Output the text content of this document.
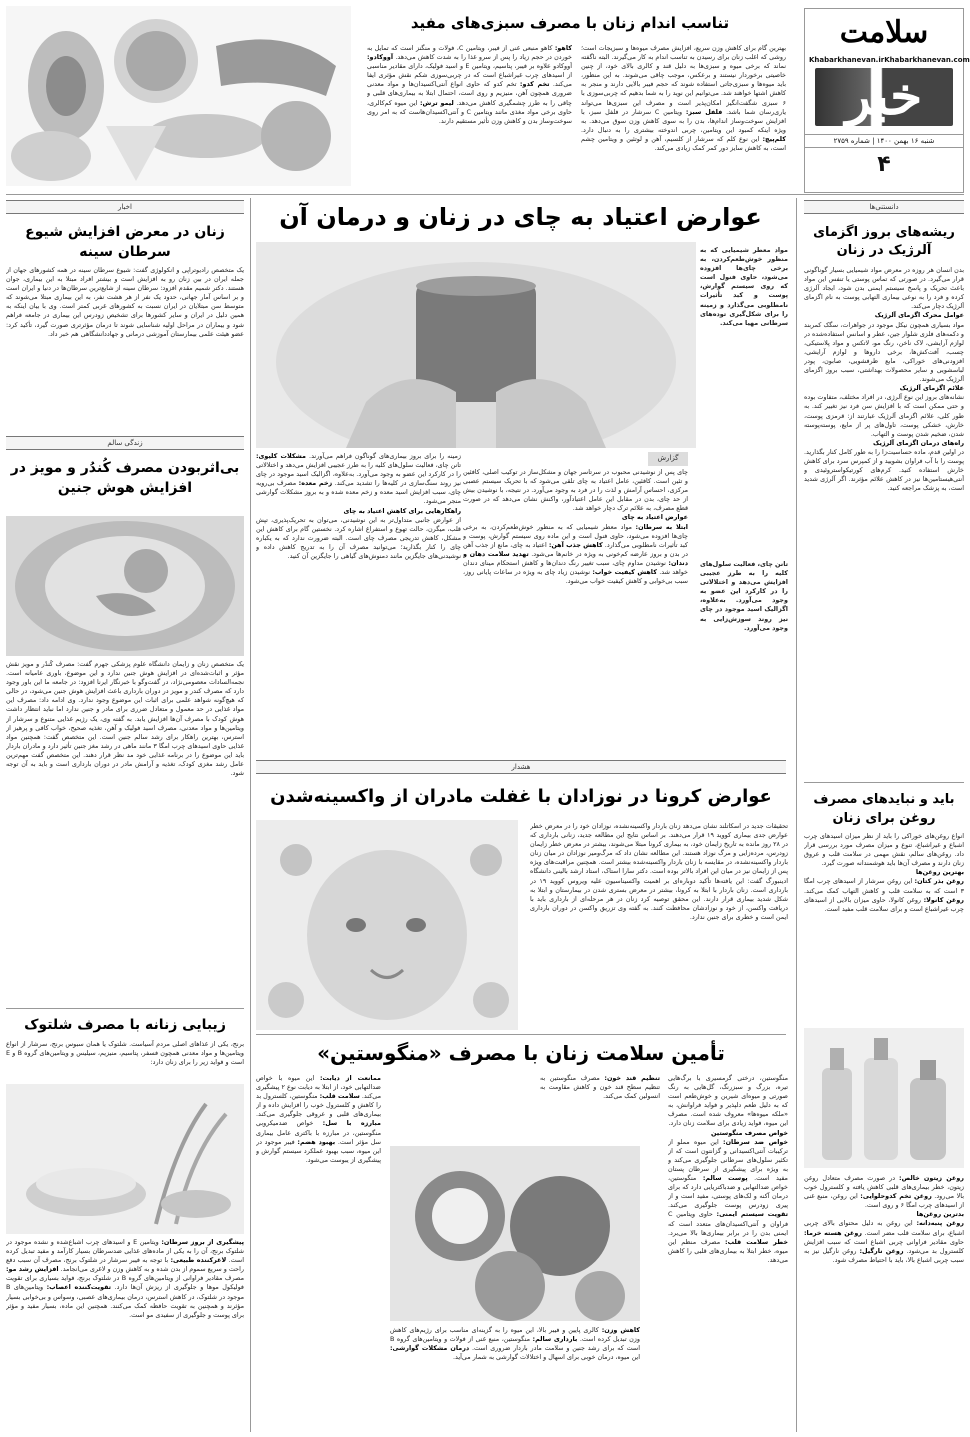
سلامت
Khabarkhanevan.ir Khabarkhanevan.com
خبر
شنبه ۱۶ بهمن ۱۴۰۰ | شماره ۲۷۵۹
۴
تناسب اندام زنان با مصرف سبزی‌های مفید
بهترین گام برای کاهش وزن سریع، افزایش مصرف میوه‌ها و سبزیجات است؛ روشی که اغلب زنان برای رسیدن به تناسب اندام به کار می‌گیرند. البته ناگفته نماند که برخی میوه و سبزی‌ها به دلیل قند و کالری بالای خود، از چنین خاصیتی برخوردار نیستند و برعکس، موجب چاقی می‌شوند. به این منظور، باید میوه‌ها و سبزی‌جاتی استفاده شوند که حجم فیبر بالایی دارند و منجر به کاهش اشتها خواهند شد. می‌توانیم این نوید را به شما بدهیم که چربی‌سوزی با ۶ سبزی شگفت‌انگیز امکان‌پذیر است و مصرف این سبزی‌ها می‌تواند یاری‌رسان شما باشد. فلفل سبز: ویتامین C سرشار در فلفل سبز، با افزایش سوخت‌وساز اندام‌ها، بدن را به سوی کاهش وزن سوق می‌دهد. به ویژه اینکه کمبود این ویتامین، چربی اندوخته بیشتری را به دنبال دارد. کلم‌پیچ: این نوع کلم که سرشار از کلسیم، آهن و لوتئین و ویتامین چشم است، به کاهش سایز دور کمر کمک زیادی می‌کند.
کاهو: کاهو منبعی غنی از فیبر، ویتامین C، فولات و منگنز است که تمایل به خوردن در حجم زیاد را پس از سرو غذا را به شدت کاهش می‌دهد. آووکادو: آووکادو علاوه بر فیبر، پتاسیم، ویتامین E و اسید فولیک، دارای مقادیر مناسبی از اسیدهای چرب غیراشباع است که در چربی‌سوزی شکم نقش مؤثری ایفا می‌کند. تخم کدو: تخم کدو که حاوی انواع آنتی‌اکسیدان‌ها و مواد معدنی ضروری همچون آهن، منیزیم و روی است، احتمال ابتلا به بیماری‌های قلبی و چاقی را به طرز چشمگیری کاهش می‌دهد. لیمو ترش: این میوه کم‌کالری، حاوی برخی مواد مغذی مانند ویتامین C و آنتی‌اکسیدان‌هاست که به امر روی سوخت‌وساز بدن و کاهش وزن تأثیر مستقیم دارند.
دانستنی‌ها
ریشه‌های بروز اگزمای آلرژیک در زنان
بدن انسان هر روزه در معرض مواد شیمیایی بسیار گوناگونی قرار می‌گیرد. در صورتی که تماس پوستی یا تنفس این مواد باعث تحریک و پاسخ سیستم ایمنی بدن شود، ایجاد آلرژی کرده و فرد را به نوعی بیماری التهابی پوست به نام اگزمای آلرژیک دچار می‌کند.
عوامل محرک اگزمای آلرژیک
مواد بسیاری همچون نیکل موجود در جواهرات، سگک کمربند و دکمه‌های فلزی شلوار جین، عطر و اسانس استفاده‌شده در لوازم آرایشی، لاک ناخن، رنگ مو، لاتکس و مواد پلاستیکی، چسب، آفت‌کش‌ها، برخی داروها و لوازم آرایشی، افزودنی‌های خوراکی، مایع ظرفشویی، صابون، پودر لباسشویی و سایر محصولات بهداشتی، سبب بروز اگزمای آلرژیک می‌شوند.
علائم اگزمای آلرژیک
نشانه‌های بروز این نوع آلرژی، در افراد مختلف، متفاوت بوده و حتی ممکن است که با افزایش سن فرد نیز تغییر کند. به طور کلی، علائم اگزمای آلرژیک عبارتند از: قرمزی پوست، خارش، خشکی پوست، تاول‌های پر از مایع، پوسته‌پوسته شدن، ضخیم شدن پوست و التهاب.
راه‌های درمان اگزمای آلرژیک
در اولین قدم، ماده حساسیت‌زا را به طور کامل کنار بگذارید. پوست را با آب فراوان بشویید و از کمپرس سرد برای کاهش خارش استفاده کنید. کرم‌های کورتیکواستروئیدی و آنتی‌هیستامین‌ها نیز در کاهش علائم مؤثرند. اگر آلرژی شدید است، به پزشک مراجعه کنید.
باید و نبایدهای مصرف روغن برای زنان
انواع روغن‌های خوراکی را باید از نظر میزان اسیدهای چرب اشباع و غیراشباع، تنوع و میزان مصرف مورد بررسی قرار داد. روغن‌های سالم، نقش مهمی در سلامت قلب و عروق زنان دارند و مصرف آن‌ها باید هوشمندانه صورت گیرد.
بهترین روغن‌ها
روغن بذر کتان: این روغن سرشار از اسیدهای چرب امگا ۳ است که به سلامت قلب و کاهش التهاب کمک می‌کند. روغن کانولا: روغن کانولا، حاوی میزان بالایی از اسیدهای چرب غیراشباع است و برای سلامت قلب مفید است.
روغن زیتون خالص: در صورت مصرف متعادل روغن زیتون، خطر بیماری‌های قلبی کاهش یافته و کلسترول خوب بالا می‌رود. روغن تخم کدوحلوایی: این روغن، منبع غنی از اسیدهای چرب امگا ۶ و روی است.
بدترین روغن‌ها
روغن پنبه‌دانه: این روغن به دلیل محتوای بالای چربی اشباع، برای سلامت قلب مضر است. روغن هسته خرما: حاوی مقادیر فراوانی چربی اشباع است که سبب افزایش کلسترول بد می‌شود. روغن نارگیل: روغن نارگیل نیز به سبب چربی اشباع بالا، باید با احتیاط مصرف شود.
عوارض اعتیاد به چای در زنان و درمان آن
مواد معطر شیمیایی که به منظور خوش‌طعم‌کردن، به برخی چای‌ها افزوده می‌شود، حاوی فنول است که روی سیستم گوارش، پوست و کبد تأثیرات نامطلوبی می‌گذارد و زمینه را برای شکل‌گیری توده‌های سرطانی مهیا می‌کند.
تانن چای، فعالیت سلول‌های کلیه را به طرز عجیبی افزایش می‌دهد و اختلالاتی را در کارکرد این عضو به وجود می‌آورد. به‌علاوه، اگزالیک اسید موجود در چای نیز روند سوزش‌زایی به وجود می‌آورد.
گزارش
چای پس از نوشیدنی محبوب در سرتاسر جهان و مشکل‌ساز در توکیب اصلی، کافئین و تئین است. کافئین، عامل اعتیاد به چای تلقی می‌شود که با تحریک سیستم عصبی مرکزی، احساس آرامش و لذت را در فرد به وجود می‌آورد. در نتیجه، با نوشیدن بیش از حد چای، بدن در مقابل این عامل اعتیادآور، واکنش نشان می‌دهد که در صورت قطع مصرف، به علائم ترک دچار خواهد شد.
عوارض اعتیاد به چای
ابتلا به سرطان: مواد معطر شیمیایی که به منظور خوش‌طعم‌کردن، به برخی چای‌ها افزوده می‌شود، حاوی فنول است و این ماده روی سیستم گوارش، پوست و کبد تأثیرات نامطلوبی می‌گذارد. کاهش جذب آهن: اعتیاد به چای، مانع از جذب آهن در بدن و بروز عارضه کم‌خونی به ویژه در خانم‌ها می‌شود. تهدید سلامت دهان و دندان: نوشیدن مداوم چای، سبب تغییر رنگ دندان‌ها و کاهش استحکام مینای دندان خواهد شد. کاهش کیفیت خواب: نوشیدن زیاد چای به ویژه در ساعات پایانی روز، سبب بی‌خوابی و کاهش کیفیت خواب می‌شود.
زمینه را برای بروز بیماری‌های گوناگون فراهم می‌آورند. مشکلات کلیوی: تانن چای، فعالیت سلول‌های کلیه را به طرز عجیبی افزایش می‌دهد و اختلالاتی را در کارکرد این عضو به وجود می‌آورد. به‌علاوه، اگزالیک اسید موجود در چای نیز روند سنگ‌سازی در کلیه‌ها را تشدید می‌کند. زخم معده: مصرف بی‌رویه چای، سبب افزایش اسید معده و زخم معده شده و به بروز مشکلات گوارشی منجر می‌شود.
راهکارهایی برای کاهش اعتیاد به چای
از عوارض جانبی متداول‌تر به این نوشیدنی، می‌توان به تحریک‌پذیری، تپش قلب، میگرن، حالت تهوع و استفراغ اشاره کرد. نخستین گام برای کاهش این مشکل، کاهش تدریجی مصرف چای است. البته ضرورت ندارد که به یکباره چای را کنار بگذارید؛ می‌توانید مصرف آن را به تدریج کاهش داده و نوشیدنی‌های جایگزین مانند دمنوش‌های گیاهی را جایگزین آن کنید.
هشدار
عوارض کرونا در نوزادان با غفلت مادران از واکسینه‌شدن
تحقیقات جدید در اسکاتلند نشان می‌دهد زنان باردار واکسینه‌نشده، نوزادان خود را در معرض خطر عوارض جدی بیماری کووید ۱۹ قرار می‌دهند. بر اساس نتایج این مطالعه جدید، زنانی بارداری که در ۲۸ روز مانده به تاریخ زایمان خود، به بیماری کرونا مبتلا می‌شوند، بیشتر در معرض خطر زایمان زودرس، مرده‌زایی و مرگ نوزاد هستند. این مطالعه نشان داد که مرگ‌ومیر نوزادان در میان زنان باردار واکسینه‌نشده، در مقایسه با زنان باردار واکسینه‌شده بیشتر است. همچنین مراقبت‌های ویژه پس از زایمان نیز در میان این افراد بالاتر بوده است. دکتر سارا استاک، استاد ارشد بالینی دانشگاه ادینبورگ گفت: این یافته‌ها تأکید دوباره‌ای بر اهمیت واکسیناسیون علیه ویروس کووید ۱۹ در بارداری است. زنان باردار با ابتلا به کرونا، بیشتر در معرض بستری شدن در بیمارستان و ابتلا به شکل شدید بیماری قرار دارند. این محقق توصیه کرد زنان در هر مرحله‌ای از بارداری باید با دریافت واکسن، از خود و نوزادشان محافظت کنند. به گفته وی تزریق واکسن در دوران بارداری ایمن است و خطری برای جنین ندارد.
تأمین سلامت زنان با مصرف «منگوستین»
منگوستین، درختی گرمسیری با برگ‌هایی تیره، بزرگ و سبزرنگ، گل‌هایی به رنگ صورتی و میوه‌ای شیرین و خوش‌طعم است که به دلیل طعم دلپذیر و فواید فراوانش، به «ملکه میوه‌ها» معروف شده است. مصرف این میوه، فواید زیادی برای سلامت زنان دارد.
خواص مصرف منگوستین
خواص ضد سرطان: این میوه مملو از ترکیبات آنتی‌اکسیدانی و گزانتون است که از تکثیر سلول‌های سرطانی جلوگیری می‌کند و به ویژه برای پیشگیری از سرطان پستان مفید است. پوست سالم: منگوستین، خواص ضدالتهابی و ضدباکتریایی دارد که برای درمان آکنه و لک‌های پوستی، مفید است و از پیری زودرس پوست جلوگیری می‌کند. تقویت سیستم ایمنی: حاوی ویتامین C فراوان و آنتی‌اکسیدان‌های متعدد است که ایمنی بدن را در برابر بیماری‌ها بالا می‌برد. خطر سلامت قلب: مصرف منظم این میوه، خطر ابتلا به بیماری‌های قلبی را کاهش می‌دهد.
تنظیم قند خون: مصرف منگوستین به تنظیم سطح قند خون و کاهش مقاومت به انسولین کمک می‌کند.
ممانعت از دیابت: این میوه با خواص ضدالتهابی خود، از ابتلا به دیابت نوع ۲ پیشگیری می‌کند. سلامت قلب: منگوستین، کلسترول بد را کاهش و کلسترول خوب را افزایش داده و از بیماری‌های قلبی و عروقی جلوگیری می‌کند. مبارزه با سل: خواص ضدمیکروبی منگوستین، در مبارزه با باکتری عامل بیماری سل مؤثر است. بهبود هضم: فیبر موجود در این میوه، سبب بهبود عملکرد سیستم گوارش و پیشگیری از یبوست می‌شود.
کاهش وزن: کالری پایین و فیبر بالا، این میوه را به گزینه‌ای مناسب برای رژیم‌های کاهش وزن تبدیل کرده است. بارداری سالم: منگوستین، منبع غنی از فولات و ویتامین‌های گروه B است که برای رشد جنین و سلامت مادر باردار ضروری است. درمان مشکلات گوارشی: این میوه، درمان خوبی برای اسهال و اختلالات گوارشی به شمار می‌آید.
اخبار
زنان در معرض افزایش شیوع سرطان سینه
یک متخصص رادیوتراپی و انکولوژی گفت: شیوع سرطان سینه در همه کشورهای جهان از جمله ایران در بین زنان رو به افزایش است و بیشتر افراد مبتلا به این بیماری، جوان هستند. دکتر شمیم مقدم افزود: سرطان سینه از شایع‌ترین سرطان‌ها در دنیا و ایران است و بر اساس آمار جهانی، حدود یک نفر از هر هشت نفر، به این بیماری مبتلا می‌شوند که متوسط سن مبتلایان در ایران نسبت به کشورهای غربی کمتر است. وی با بیان اینکه به همین دلیل در ایران و سایر کشورها برای تشخیص زودرس این بیماری در جامعه فراهم شود و بیماران در مراحل اولیه شناسایی شوند تا درمان مؤثرتری صورت گیرد، تأکید کرد: عضو هیئت علمی بیمارستان آموزشی درمانی و جهاددانشگاهی هم خبر داد.
زندگی سالم
بی‌اثربودن مصرف کُندُر و مویز در افزایش هوش جنین
یک متخصص زنان و زایمان دانشگاه علوم پزشکی جهرم گفت: مصرف کُندُر و مویز نقش مؤثر و اثبات‌شده‌ای در افزایش هوش جنین ندارد و این موضوع، باوری عامیانه است. نجمه‌السادات معصومی‌نژاد، در گفت‌وگو با خبرنگار ایرنا افزود: در جامعه ما این باور وجود دارد که مصرف کندر و مویز در دوران بارداری باعث افزایش هوش جنین می‌شود، در حالی که هیچ‌گونه شواهد علمی برای اثبات این موضوع وجود ندارد. وی ادامه داد: مصرف این مواد غذایی در حد معمول و متعادل ضرری برای مادر و جنین ندارد اما نباید انتظار داشت هوش کودک با مصرف آن‌ها افزایش یابد. به گفته وی، یک رژیم غذایی متنوع و سرشار از ویتامین‌ها و مواد معدنی، مصرف اسید فولیک و آهن، تغذیه صحیح، خواب کافی و پرهیز از استرس، بهترین راهکار برای رشد سالم جنین است. این متخصص گفت: همچنین مواد غذایی حاوی اسیدهای چرب امگا ۳ مانند ماهی در رشد مغز جنین تأثیر دارد و مادران باردار باید این موضوع را در برنامه غذایی خود مد نظر قرار دهند. این متخصص گفت مهم‌ترین عامل رشد مغزی کودک، تغذیه و آرامش مادر در دوران بارداری است و باید به آن توجه شود.
زیبایی زنانه با مصرف شلتوک
برنج، یکی از غذاهای اصلی مردم آسیاست. شلتوک یا همان سبوس برنج، سرشار از انواع ویتامین‌ها و مواد معدنی همچون فسفر، پتاسیم، منیزیم، سیلیس و ویتامین‌های گروه B و E است و فواید زیر را برای زنان دارد:
پیشگیری از بروز سرطان: ویتامین E و اسیدهای چرب اشباع‌شده و نشده موجود در شلتوک برنج، آن را به یکی از ماده‌های غذایی ضدسرطان بسیار کارآمد و مفید تبدیل کرده است. لاغرکننده طبیعی: با توجه به فیبر سرشار در شلتوک برنج، مصرف آن سبب دفع راحت و سریع سموم از بدن شده و به کاهش وزن و لاغری می‌انجامد. افزایش رشد مو: مصرف مقادیر فراوانی از ویتامین‌های گروه B در شلتوک برنج، فواید بسیاری برای تقویت فولیکول موها و جلوگیری از ریزش آن‌ها دارد. تقویت‌کننده اعصاب: ویتامین‌های B موجود در شلتوک، در کاهش استرس، درمان بیماری‌های عصبی، وسواس و بی‌خوابی بسیار مؤثرند و همچنین به تقویت حافظه کمک می‌کنند. همچنین این ماده، بسیار مفید و مؤثر برای پوست و جلوگیری از سفیدی مو است.
